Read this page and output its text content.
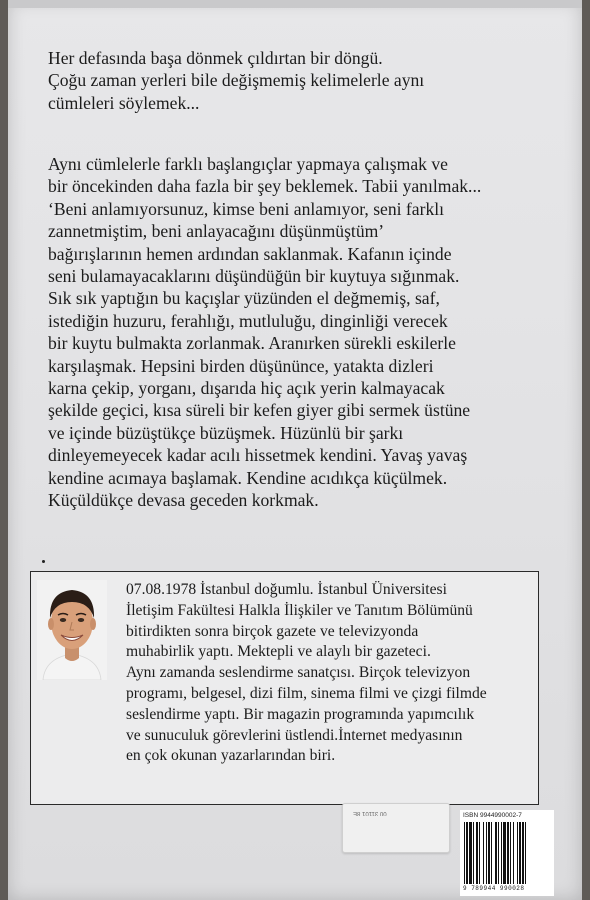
Her defasında başa dönmek çıldırtan bir döngü.
Çoğu zaman yerleri bile değişmemiş kelimelerle aynı
cümleleri söylemek...
Aynı cümlelerle farklı başlangıçlar yapmaya çalışmak ve
bir öncekinden daha fazla bir şey beklemek. Tabii yanılmak...
‘Beni anlamıyorsunuz, kimse beni anlamıyor, seni farklı
zannetmiştim, beni anlayacağını düşünmüştüm’
bağırışlarının hemen ardından saklanmak. Kafanın içinde
seni bulamayacaklarını düşündüğün bir kuytuya sığınmak.
Sık sık yaptığın bu kaçışlar yüzünden el değmemiş, saf,
istediğin huzuru, ferahlığı, mutluluğu, dinginliği verecek
bir kuytu bulmakta zorlanmak. Aranırken sürekli eskilerle
karşılaşmak. Hepsini birden düşününce, yatakta dizleri
karna çekip, yorganı, dışarıda hiç açık yerin kalmayacak
şekilde geçici, kısa süreli bir kefen giyer gibi sermek üstüne
ve içinde büzüştükçe büzüşmek. Hüzünlü bir şarkı
dinleyemeyecek kadar acılı hissetmek kendini. Yavaş yavaş
kendine acımaya başlamak. Kendine acıdıkça küçülmek.
Küçüldükçe devasa geceden korkmak.
07.08.1978 İstanbul doğumlu. İstanbul Üniversitesi
İletişim Fakültesi Halkla İlişkiler ve Tanıtım Bölümünü
bitirdikten sonra birçok gazete ve televizyonda
muhabirlik yaptı. Mektepli ve alaylı bir gazeteci.
Aynı zamanda seslendirme sanatçısı. Birçok televizyon
programı, belgesel, dizi film, sinema filmi ve çizgi filmde
seslendirme yaptı. Bir magazin programında yapımcılık
ve sunuculuk görevlerini üstlendi.İnternet medyasının
en çok okunan yazarlarından biri.
00 31101 8E	ISBN 9944990002-7
9 789944 990028
